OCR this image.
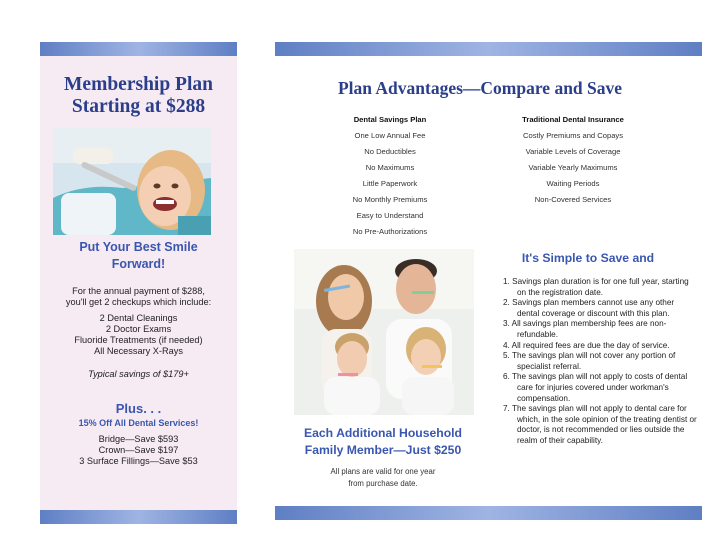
Membership Plan
Starting at $288
Put Your Best Smile
Forward!
For the annual payment of $288,
you'll get 2 checkups which include:
2 Dental Cleanings
2 Doctor Exams
Fluoride Treatments (if needed)
All Necessary X-Rays
Typical savings of $179+
Plus. . .
15% Off All Dental Services!
Bridge—Save $593
Crown—Save $197
3 Surface Fillings—Save $53
Plan Advantages—Compare and Save
Dental Savings Plan
One Low Annual Fee
No Deductibles
No Maximums
Little Paperwork
No Monthly Premiums
Easy to Understand
No Pre-Authorizations
Traditional Dental Insurance
Costly Premiums and Copays
Variable Levels of Coverage
Variable Yearly Maximums
Waiting Periods
Non-Covered Services
It's Simple to Save and
1. Savings plan duration is for one full year, starting on the registration date.
2. Savings plan members cannot use any other dental coverage or discount with this plan.
3. All savings plan membership fees are non-refundable.
4. All required fees are due the day of service.
5. The savings plan will not cover any portion of specialist referral.
6. The savings plan will not apply to costs of dental care for injuries covered under workman's compensation.
7. The savings plan will not apply to dental care for which, in the sole opinion of the treating dentist or doctor, is not recommended or lies outside the realm of their capability.
Each Additional Household
Family Member—Just $250
All plans are valid for one year
from purchase date.
